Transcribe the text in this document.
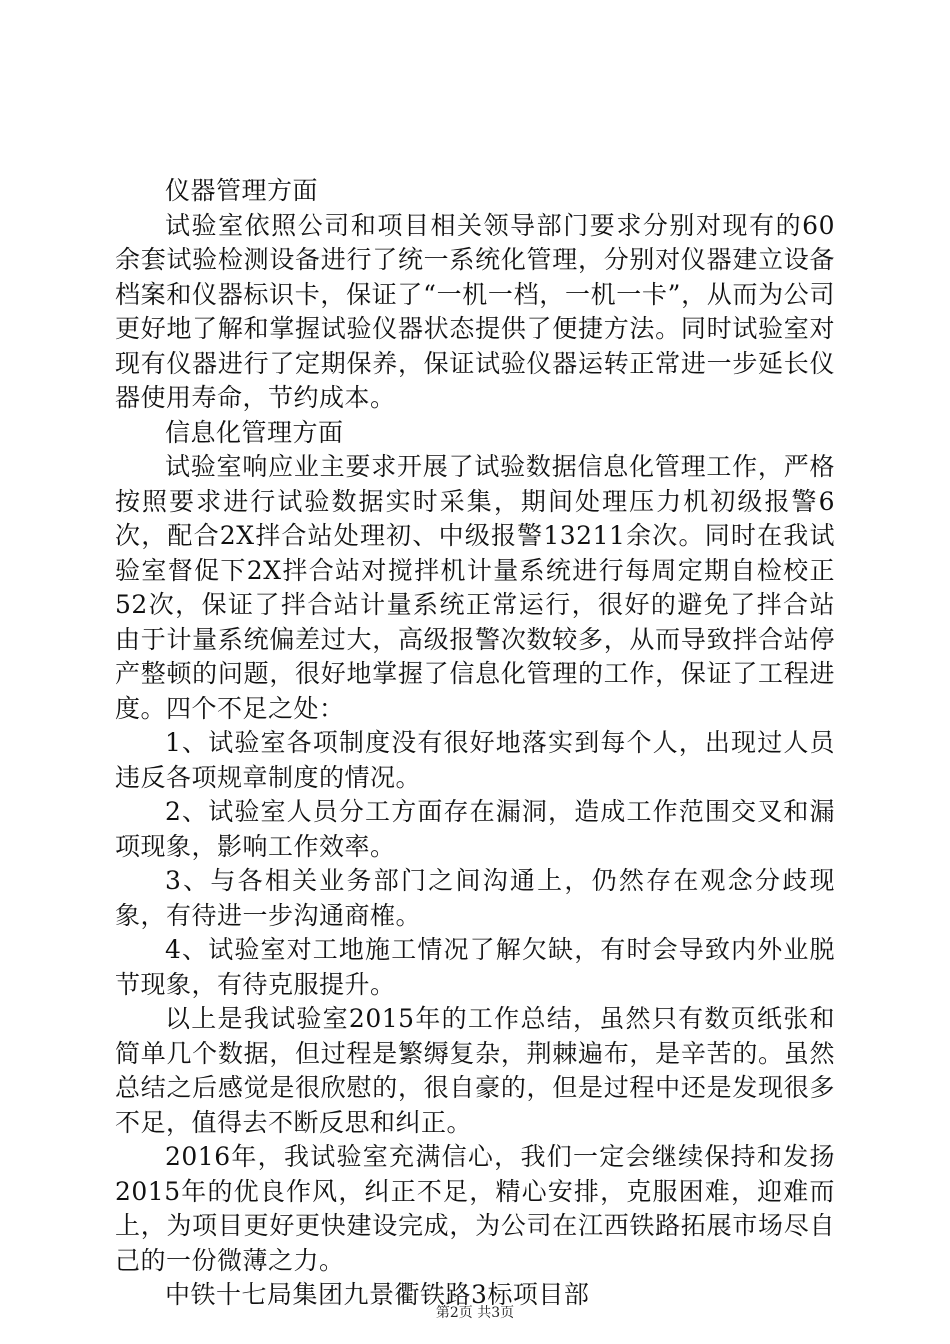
仪器管理方面

试验室依照公司和项目相关领导部门要求分别对现有的60余套试验检测设备进行了统一系统化管理，分别对仪器建立设备档案和仪器标识卡，保证了“一机一档，一机一卡”，从而为公司更好地了解和掌握试验仪器状态提供了便捷方法。同时试验室对现有仪器进行了定期保养，保证试验仪器运转正常进一步延长仪器使用寿命，节约成本。

信息化管理方面

试验室响应业主要求开展了试验数据信息化管理工作，严格按照要求进行试验数据实时采集，期间处理压力机初级报警6次，配合2X拌合站处理初、中级报警13211余次。同时在我试验室督促下2X拌合站对搅拌机计量系统进行每周定期自检校正52次，保证了拌合站计量系统正常运行，很好的避免了拌合站由于计量系统偏差过大，高级报警次数较多，从而导致拌合站停产整顿的问题，很好地掌握了信息化管理的工作，保证了工程进度。四个不足之处：

1、试验室各项制度没有很好地落实到每个人，出现过人员违反各项规章制度的情况。

2、试验室人员分工方面存在漏洞，造成工作范围交叉和漏项现象，影响工作效率。

3、与各相关业务部门之间沟通上，仍然存在观念分歧现象，有待进一步沟通商榷。

4、试验室对工地施工情况了解欠缺，有时会导致内外业脱节现象，有待克服提升。

以上是我试验室2015年的工作总结，虽然只有数页纸张和简单几个数据，但过程是繁缛复杂，荆棘遍布，是辛苦的。虽然总结之后感觉是很欣慰的，很自豪的，但是过程中还是发现很多不足，值得去不断反思和纠正。

2016年，我试验室充满信心，我们一定会继续保持和发扬2015年的优良作风，纠正不足，精心安排，克服困难，迎难而上，为项目更好更快建设完成，为公司在江西铁路拓展市场尽自己的一份微薄之力。

中铁十七局集团九景衢铁路3标项目部

第2页 共3页
